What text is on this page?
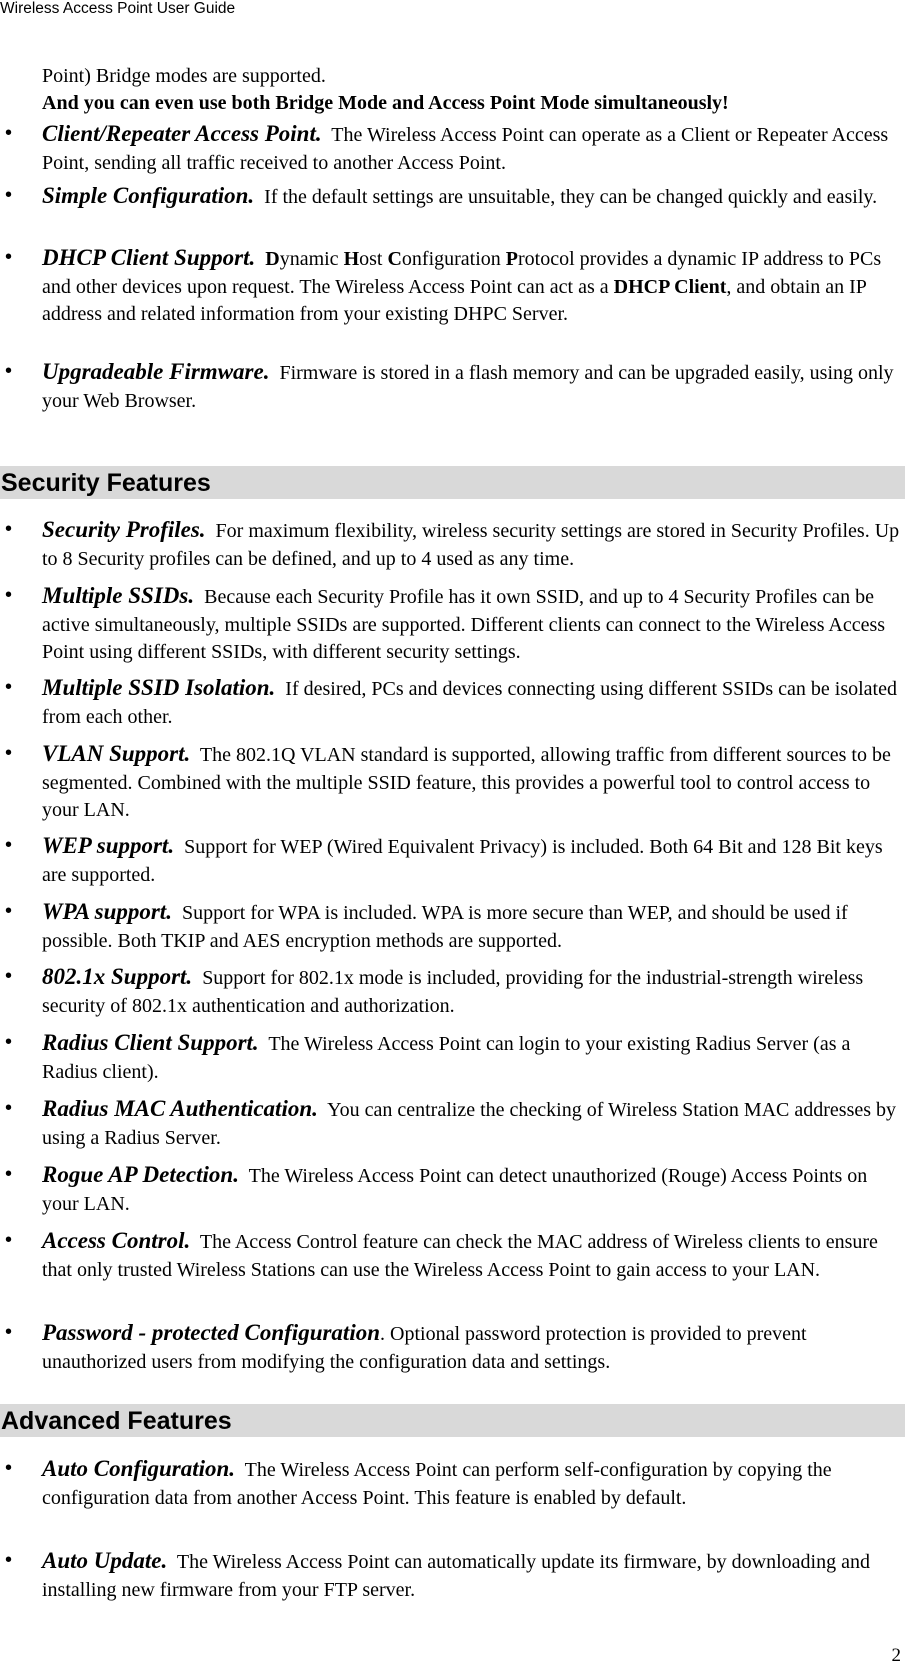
Wireless Access Point User Guide
Point) Bridge modes are supported.
And you can even use both Bridge Mode and Access Point Mode simultaneously!
• Client/Repeater Access Point. The Wireless Access Point can operate as a Client or Repeater Access Point, sending all traffic received to another Access Point.
• Simple Configuration. If the default settings are unsuitable, they can be changed quickly and easily.
• DHCP Client Support. Dynamic Host Configuration Protocol provides a dynamic IP address to PCs and other devices upon request. The Wireless Access Point can act as a DHCP Client, and obtain an IP address and related information from your existing DHPC Server.
• Upgradeable Firmware. Firmware is stored in a flash memory and can be upgraded easily, using only your Web Browser.
Security Features
• Security Profiles. For maximum flexibility, wireless security settings are stored in Security Profiles. Up to 8 Security profiles can be defined, and up to 4 used as any time.
• Multiple SSIDs. Because each Security Profile has it own SSID, and up to 4 Security Profiles can be active simultaneously, multiple SSIDs are supported. Different clients can connect to the Wireless Access Point using different SSIDs, with different security settings.
• Multiple SSID Isolation. If desired, PCs and devices connecting using different SSIDs can be isolated from each other.
• VLAN Support. The 802.1Q VLAN standard is supported, allowing traffic from different sources to be segmented. Combined with the multiple SSID feature, this provides a powerful tool to control access to your LAN.
• WEP support. Support for WEP (Wired Equivalent Privacy) is included. Both 64 Bit and 128 Bit keys are supported.
• WPA support. Support for WPA is included. WPA is more secure than WEP, and should be used if possible. Both TKIP and AES encryption methods are supported.
• 802.1x Support. Support for 802.1x mode is included, providing for the industrial-strength wireless security of 802.1x authentication and authorization.
• Radius Client Support. The Wireless Access Point can login to your existing Radius Server (as a Radius client).
• Radius MAC Authentication. You can centralize the checking of Wireless Station MAC addresses by using a Radius Server.
• Rogue AP Detection. The Wireless Access Point can detect unauthorized (Rouge) Access Points on your LAN.
• Access Control. The Access Control feature can check the MAC address of Wireless clients to ensure that only trusted Wireless Stations can use the Wireless Access Point to gain access to your LAN.
• Password - protected Configuration. Optional password protection is provided to prevent unauthorized users from modifying the configuration data and settings.
Advanced Features
• Auto Configuration. The Wireless Access Point can perform self-configuration by copying the configuration data from another Access Point. This feature is enabled by default.
• Auto Update. The Wireless Access Point can automatically update its firmware, by downloading and installing new firmware from your FTP server.
2
